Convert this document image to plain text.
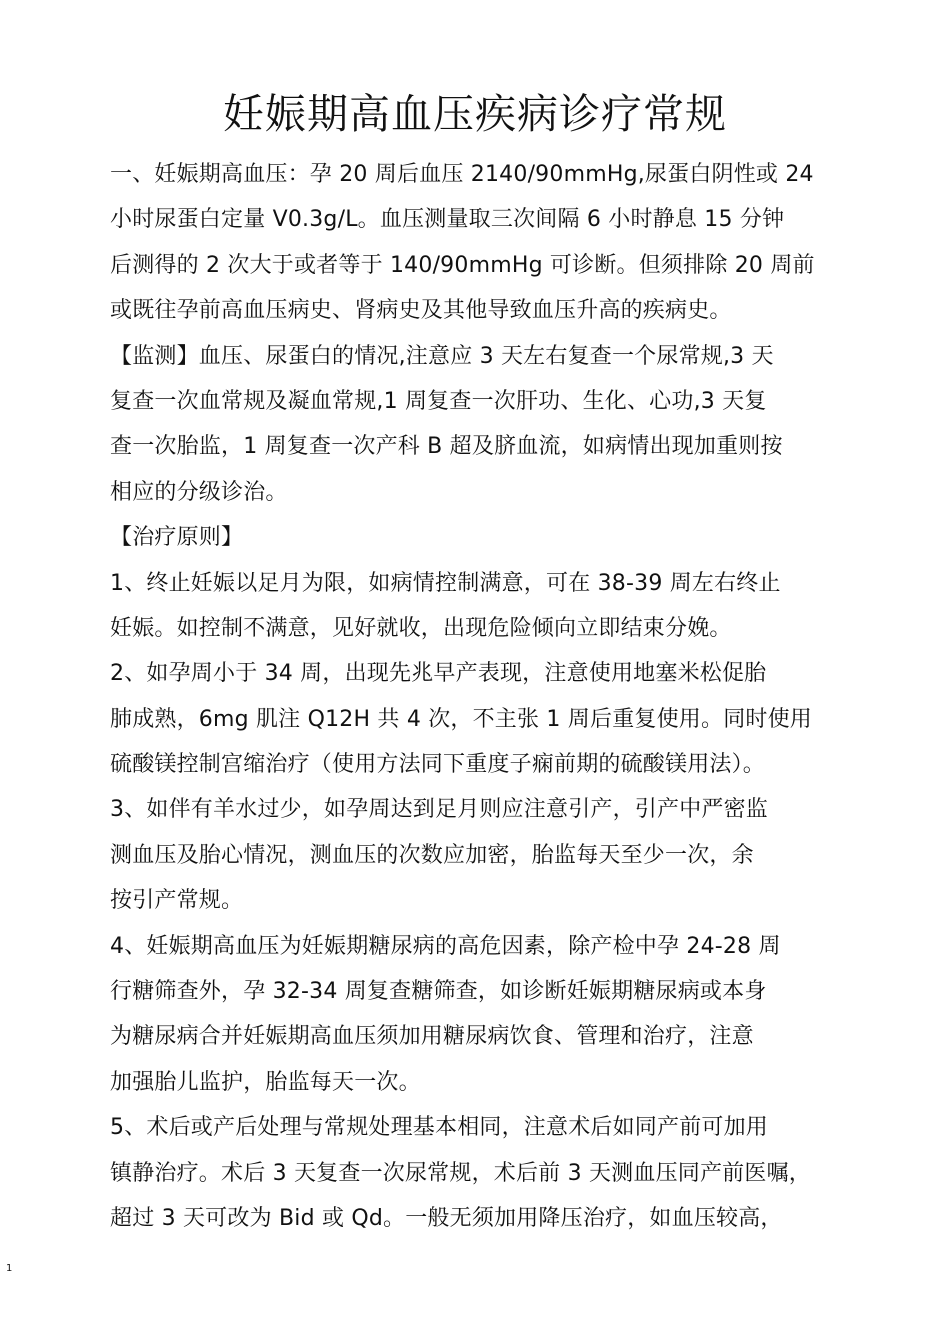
妊娠期高血压疾病诊疗常规
一、妊娠期高血压：孕 20 周后血压 2140/90mmHg,尿蛋白阴性或 24
小时尿蛋白定量 V0.3g/L。血压测量取三次间隔 6 小时静息 15 分钟
后测得的 2 次大于或者等于 140/90mmHg 可诊断。但须排除 20 周前
或既往孕前高血压病史、肾病史及其他导致血压升高的疾病史。
【监测】血压、尿蛋白的情况,注意应 3 天左右复查一个尿常规,3 天
复查一次血常规及凝血常规,1 周复查一次肝功、生化、心功,3 天复
查一次胎监，1 周复查一次产科 B 超及脐血流，如病情出现加重则按
相应的分级诊治。
【治疗原则】
1、终止妊娠以足月为限，如病情控制满意，可在 38-39 周左右终止
妊娠。如控制不满意，见好就收，出现危险倾向立即结束分娩。
2、如孕周小于 34 周，出现先兆早产表现，注意使用地塞米松促胎
肺成熟，6mg 肌注 Q12H 共 4 次，不主张 1 周后重复使用。同时使用
硫酸镁控制宫缩治疗（使用方法同下重度子痫前期的硫酸镁用法）。
3、如伴有羊水过少，如孕周达到足月则应注意引产，引产中严密监
测血压及胎心情况，测血压的次数应加密，胎监每天至少一次，余
按引产常规。
4、妊娠期高血压为妊娠期糖尿病的高危因素，除产检中孕 24-28 周
行糖筛查外，孕 32-34 周复查糖筛查，如诊断妊娠期糖尿病或本身
为糖尿病合并妊娠期高血压须加用糖尿病饮食、管理和治疗，注意
加强胎儿监护，胎监每天一次。
5、术后或产后处理与常规处理基本相同，注意术后如同产前可加用
镇静治疗。术后 3 天复查一次尿常规，术后前 3 天测血压同产前医嘱，
超过 3 天可改为 Bid 或 Qd。一般无须加用降压治疗，如血压较高，
1
